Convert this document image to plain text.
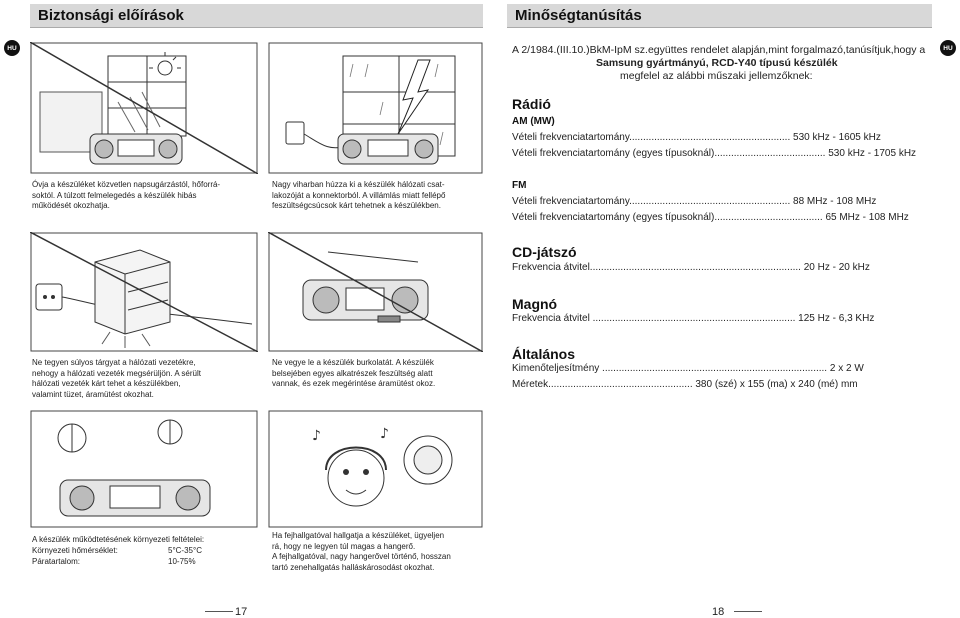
Biztonsági előírások
HU
Óvja a készüléket közvetlen napsugárzástól, hőforrá-
soktól. A túlzott felmelegedés a készülék hibás
működését okozhatja.
Nagy viharban húzza ki a készülék hálózati csat-
lakozóját a konnektorból. A villámlás miatt fellépő
feszültségcsúcsok kárt tehetnek a készülékben.
Ne tegyen súlyos tárgyat a hálózati vezetékre,
nehogy a hálózati vezeték megsérüljön. A sérült
hálózati vezeték kárt tehet a készülékben,
valamint tüzet, áramütést okozhat.
Ne vegye le a készülék burkolatát. A készülék
belsejében egyes alkatrészek feszültség alatt
vannak, és ezek megérintése áramütést okoz.
♪	♪
A készülék működtetésének környezeti feltételei:
Környezeti hőmérséklet:	5°C-35°C
Páratartalom:	10-75%
Ha fejhallgatóval hallgatja a készüléket, ügyeljen
rá, hogy ne legyen túl magas a hangerő.
A fejhallgatóval, nagy hangerővel történő, hosszan
tartó zenehallgatás halláskárosodást okozhat.
17
Minőségtanúsítás
HU
A 2/1984.(III.10.)BkM-IpM sz.együttes rendelet alapján,mint forgalmazó,tanúsítjuk,hogy a
Samsung gyártmányú, RCD-Y40 típusú készülék
megfelel az alábbi műszaki jellemzőknek:
Rádió
AM (MW)
Vételi frekvenciatartomány.......................................................... 530 kHz - 1605 kHz
Vételi frekvenciatartomány (egyes típusoknál)........................................ 530 kHz - 1705 kHz
FM
Vételi frekvenciatartomány.......................................................... 88 MHz - 108 MHz
Vételi frekvenciatartomány (egyes típusoknál)....................................... 65 MHz - 108 MHz
CD-játszó
Frekvencia átvitel............................................................................ 20 Hz - 20 kHz
Magnó
Frekvencia átvitel ......................................................................... 125 Hz - 6,3 KHz
Általános
Kimenőteljesítmény ................................................................................. 2 x 2 W
Méretek.................................................... 380 (szé) x 155 (ma) x 240 (mé) mm
18
